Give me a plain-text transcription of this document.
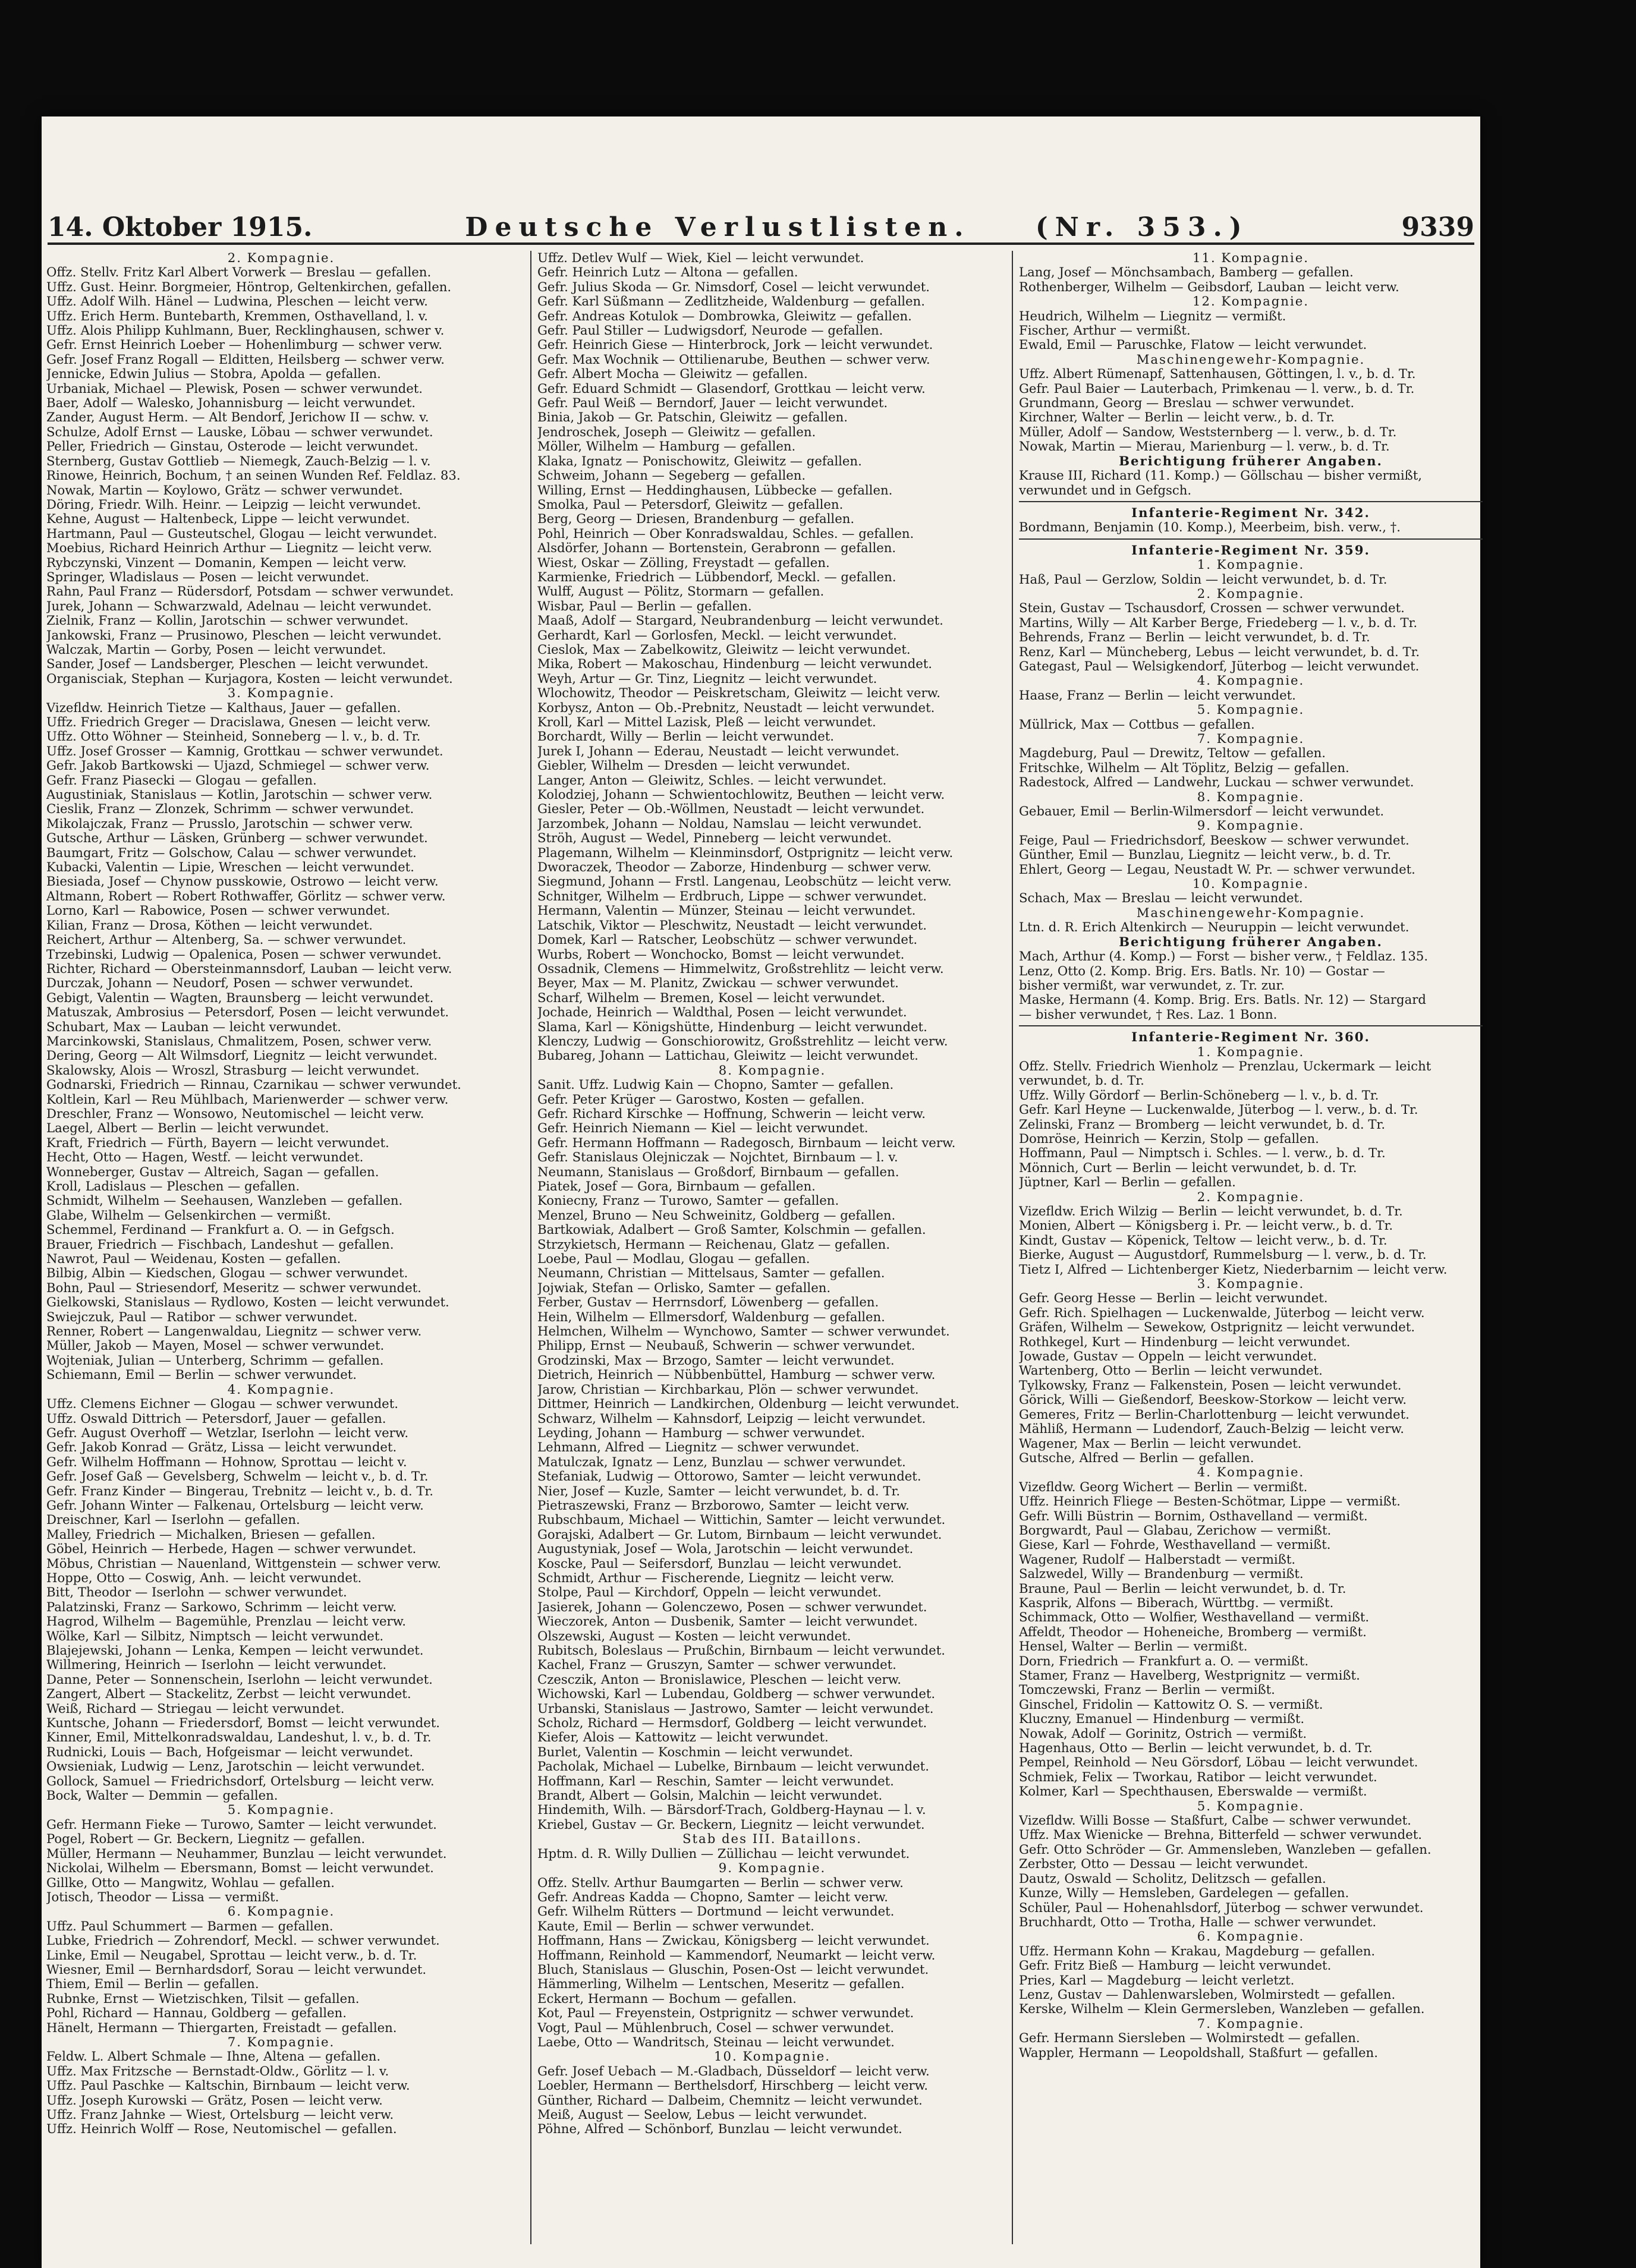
14. Oktober 1915.	Deutsche Verlustlisten. (Nr. 353.)	9339
2. Kompagnie.
Offz. Stellv. Fritz Karl Albert Vorwerk — Breslau — gefallen.
Uffz. Gust. Heinr. Borgmeier, Höntrop, Geltenkirchen, gefallen.
Uffz. Adolf Wilh. Hänel — Ludwina, Pleschen — leicht verw.
Uffz. Erich Herm. Buntebarth, Kremmen, Osthavelland, l. v.
Uffz. Alois Philipp Kuhlmann, Buer, Recklinghausen, schwer v.
Gefr. Ernst Heinrich Loeber — Hohenlimburg — schwer verw.
Gefr. Josef Franz Rogall — Elditten, Heilsberg — schwer verw.
Jennicke, Edwin Julius — Stobra, Apolda — gefallen.
Urbaniak, Michael — Plewisk, Posen — schwer verwundet.
Baer, Adolf — Walesko, Johannisburg — leicht verwundet.
Zander, August Herm. — Alt Bendorf, Jerichow II — schw. v.
Schulze, Adolf Ernst — Lauske, Löbau — schwer verwundet.
Peller, Friedrich — Ginstau, Osterode — leicht verwundet.
Sternberg, Gustav Gottlieb — Niemegk, Zauch-Belzig — l. v.
Rinowe, Heinrich, Bochum, † an seinen Wunden Ref. Feldlaz. 83.
Nowak, Martin — Koylowo, Grätz — schwer verwundet.
Döring, Friedr. Wilh. Heinr. — Leipzig — leicht verwundet.
Kehne, August — Haltenbeck, Lippe — leicht verwundet.
Hartmann, Paul — Gusteutschel, Glogau — leicht verwundet.
Moebius, Richard Heinrich Arthur — Liegnitz — leicht verw.
Rybczynski, Vinzent — Domanin, Kempen — leicht verw.
Springer, Wladislaus — Posen — leicht verwundet.
Rahn, Paul Franz — Rüdersdorf, Potsdam — schwer verwundet.
Jurek, Johann — Schwarzwald, Adelnau — leicht verwundet.
Zielnik, Franz — Kollin, Jarotschin — schwer verwundet.
Jankowski, Franz — Prusinowo, Pleschen — leicht verwundet.
Walczak, Martin — Gorby, Posen — leicht verwundet.
Sander, Josef — Landsberger, Pleschen — leicht verwundet.
Organisciak, Stephan — Kurjagora, Kosten — leicht verwundet.
3. Kompagnie.
Vizefldw. Heinrich Tietze — Kalthaus, Jauer — gefallen.
Uffz. Friedrich Greger — Dracislawa, Gnesen — leicht verw.
Uffz. Otto Wöhner — Steinheid, Sonneberg — l. v., b. d. Tr.
Uffz. Josef Grosser — Kamnig, Grottkau — schwer verwundet.
Gefr. Jakob Bartkowski — Ujazd, Schmiegel — schwer verw.
Gefr. Franz Piasecki — Glogau — gefallen.
Augustiniak, Stanislaus — Kotlin, Jarotschin — schwer verw.
Cieslik, Franz — Zlonzek, Schrimm — schwer verwundet.
Mikolajczak, Franz — Prusslo, Jarotschin — schwer verw.
Gutsche, Arthur — Läsken, Grünberg — schwer verwundet.
Baumgart, Fritz — Golschow, Calau — schwer verwundet.
Kubacki, Valentin — Lipie, Wreschen — leicht verwundet.
Biesiada, Josef — Chynow pusskowie, Ostrowo — leicht verw.
Altmann, Robert — Robert Rothwaffer, Görlitz — schwer verw.
Lorno, Karl — Rabowice, Posen — schwer verwundet.
Kilian, Franz — Drosa, Köthen — leicht verwundet.
Reichert, Arthur — Altenberg, Sa. — schwer verwundet.
Trzebinski, Ludwig — Opalenica, Posen — schwer verwundet.
Richter, Richard — Obersteinmannsdorf, Lauban — leicht verw.
Durczak, Johann — Neudorf, Posen — schwer verwundet.
Gebigt, Valentin — Wagten, Braunsberg — leicht verwundet.
Matuszak, Ambrosius — Petersdorf, Posen — leicht verwundet.
Schubart, Max — Lauban — leicht verwundet.
Marcinkowski, Stanislaus, Chmalitzem, Posen, schwer verw.
Dering, Georg — Alt Wilmsdorf, Liegnitz — leicht verwundet.
Skalowsky, Alois — Wroszl, Strasburg — leicht verwundet.
Godnarski, Friedrich — Rinnau, Czarnikau — schwer verwundet.
Koltlein, Karl — Reu Mühlbach, Marienwerder — schwer verw.
Dreschler, Franz — Wonsowo, Neutomischel — leicht verw.
Laegel, Albert — Berlin — leicht verwundet.
Kraft, Friedrich — Fürth, Bayern — leicht verwundet.
Hecht, Otto — Hagen, Westf. — leicht verwundet.
Wonneberger, Gustav — Altreich, Sagan — gefallen.
Kroll, Ladislaus — Pleschen — gefallen.
Schmidt, Wilhelm — Seehausen, Wanzleben — gefallen.
Glabe, Wilhelm — Gelsenkirchen — vermißt.
Schemmel, Ferdinand — Frankfurt a. O. — in Gefgsch.
Brauer, Friedrich — Fischbach, Landeshut — gefallen.
Nawrot, Paul — Weidenau, Kosten — gefallen.
Bilbig, Albin — Kiedschen, Glogau — schwer verwundet.
Bohn, Paul — Striesendorf, Meseritz — schwer verwundet.
Gielkowski, Stanislaus — Rydlowo, Kosten — leicht verwundet.
Swiejczuk, Paul — Ratibor — schwer verwundet.
Renner, Robert — Langenwaldau, Liegnitz — schwer verw.
Müller, Jakob — Mayen, Mosel — schwer verwundet.
Wojteniak, Julian — Unterberg, Schrimm — gefallen.
Schiemann, Emil — Berlin — schwer verwundet.
4. Kompagnie.
Uffz. Clemens Eichner — Glogau — schwer verwundet.
Uffz. Oswald Dittrich — Petersdorf, Jauer — gefallen.
Gefr. August Overhoff — Wetzlar, Iserlohn — leicht verw.
Gefr. Jakob Konrad — Grätz, Lissa — leicht verwundet.
Gefr. Wilhelm Hoffmann — Hohnow, Sprottau — leicht v.
Gefr. Josef Gaß — Gevelsberg, Schwelm — leicht v., b. d. Tr.
Gefr. Franz Kinder — Bingerau, Trebnitz — leicht v., b. d. Tr.
Gefr. Johann Winter — Falkenau, Ortelsburg — leicht verw.
Dreischner, Karl — Iserlohn — gefallen.
Malley, Friedrich — Michalken, Briesen — gefallen.
Göbel, Heinrich — Herbede, Hagen — schwer verwundet.
Möbus, Christian — Nauenland, Wittgenstein — schwer verw.
Hoppe, Otto — Coswig, Anh. — leicht verwundet.
Bitt, Theodor — Iserlohn — schwer verwundet.
Palatzinski, Franz — Sarkowo, Schrimm — leicht verw.
Hagrod, Wilhelm — Bagemühle, Prenzlau — leicht verw.
Wölke, Karl — Silbitz, Nimptsch — leicht verwundet.
Blajejewski, Johann — Lenka, Kempen — leicht verwundet.
Willmering, Heinrich — Iserlohn — leicht verwundet.
Danne, Peter — Sonnenschein, Iserlohn — leicht verwundet.
Zangert, Albert — Stackelitz, Zerbst — leicht verwundet.
Weiß, Richard — Striegau — leicht verwundet.
Kuntsche, Johann — Friedersdorf, Bomst — leicht verwundet.
Kinner, Emil, Mittelkonradswaldau, Landeshut, l. v., b. d. Tr.
Rudnicki, Louis — Bach, Hofgeismar — leicht verwundet.
Owsieniak, Ludwig — Lenz, Jarotschin — leicht verwundet.
Gollock, Samuel — Friedrichsdorf, Ortelsburg — leicht verw.
Bock, Walter — Demmin — gefallen.
5. Kompagnie.
Gefr. Hermann Fieke — Turowo, Samter — leicht verwundet.
Pogel, Robert — Gr. Beckern, Liegnitz — gefallen.
Müller, Hermann — Neuhammer, Bunzlau — leicht verwundet.
Nickolai, Wilhelm — Ebersmann, Bomst — leicht verwundet.
Gillke, Otto — Mangwitz, Wohlau — gefallen.
Jotisch, Theodor — Lissa — vermißt.
6. Kompagnie.
Uffz. Paul Schummert — Barmen — gefallen.
Lubke, Friedrich — Zohrendorf, Meckl. — schwer verwundet.
Linke, Emil — Neugabel, Sprottau — leicht verw., b. d. Tr.
Wiesner, Emil — Bernhardsdorf, Sorau — leicht verwundet.
Thiem, Emil — Berlin — gefallen.
Rubnke, Ernst — Wietzischken, Tilsit — gefallen.
Pohl, Richard — Hannau, Goldberg — gefallen.
Hänelt, Hermann — Thiergarten, Freistadt — gefallen.
7. Kompagnie.
Feldw. L. Albert Schmale — Ihne, Altena — gefallen.
Uffz. Max Fritzsche — Bernstadt-Oldw., Görlitz — l. v.
Uffz. Paul Paschke — Kaltschin, Birnbaum — leicht verw.
Uffz. Joseph Kurowski — Grätz, Posen — leicht verw.
Uffz. Franz Jahnke — Wiest, Ortelsburg — leicht verw.
Uffz. Heinrich Wolff — Rose, Neutomischel — gefallen.
Uffz. Detlev Wulf — Wiek, Kiel — leicht verwundet.
Gefr. Heinrich Lutz — Altona — gefallen.
Gefr. Julius Skoda — Gr. Nimsdorf, Cosel — leicht verwundet.
Gefr. Karl Süßmann — Zedlitzheide, Waldenburg — gefallen.
Gefr. Andreas Kotulok — Dombrowka, Gleiwitz — gefallen.
Gefr. Paul Stiller — Ludwigsdorf, Neurode — gefallen.
Gefr. Heinrich Giese — Hinterbrock, Jork — leicht verwundet.
Gefr. Max Wochnik — Ottilienarube, Beuthen — schwer verw.
Gefr. Albert Mocha — Gleiwitz — gefallen.
Gefr. Eduard Schmidt — Glasendorf, Grottkau — leicht verw.
Gefr. Paul Weiß — Berndorf, Jauer — leicht verwundet.
Binia, Jakob — Gr. Patschin, Gleiwitz — gefallen.
Jendroschek, Joseph — Gleiwitz — gefallen.
Möller, Wilhelm — Hamburg — gefallen.
Klaka, Ignatz — Ponischowitz, Gleiwitz — gefallen.
Schweim, Johann — Segeberg — gefallen.
Willing, Ernst — Heddinghausen, Lübbecke — gefallen.
Smolka, Paul — Petersdorf, Gleiwitz — gefallen.
Berg, Georg — Driesen, Brandenburg — gefallen.
Pohl, Heinrich — Ober Konradswaldau, Schles. — gefallen.
Alsdörfer, Johann — Bortenstein, Gerabronn — gefallen.
Wiest, Oskar — Zölling, Freystadt — gefallen.
Karmienke, Friedrich — Lübbendorf, Meckl. — gefallen.
Wulff, August — Pölitz, Stormarn — gefallen.
Wisbar, Paul — Berlin — gefallen.
Maaß, Adolf — Stargard, Neubrandenburg — leicht verwundet.
Gerhardt, Karl — Gorlosfen, Meckl. — leicht verwundet.
Cieslok, Max — Zabelkowitz, Gleiwitz — leicht verwundet.
Mika, Robert — Makoschau, Hindenburg — leicht verwundet.
Weyh, Artur — Gr. Tinz, Liegnitz — leicht verwundet.
Wlochowitz, Theodor — Peiskretscham, Gleiwitz — leicht verw.
Korbysz, Anton — Ob.-Prebnitz, Neustadt — leicht verwundet.
Kroll, Karl — Mittel Lazisk, Pleß — leicht verwundet.
Borchardt, Willy — Berlin — leicht verwundet.
Jurek I, Johann — Ederau, Neustadt — leicht verwundet.
Giebler, Wilhelm — Dresden — leicht verwundet.
Langer, Anton — Gleiwitz, Schles. — leicht verwundet.
Kolodziej, Johann — Schwientochlowitz, Beuthen — leicht verw.
Giesler, Peter — Ob.-Wöllmen, Neustadt — leicht verwundet.
Jarzombek, Johann — Noldau, Namslau — leicht verwundet.
Ströh, August — Wedel, Pinneberg — leicht verwundet.
Plagemann, Wilhelm — Kleinminsdorf, Ostprignitz — leicht verw.
Dworaczek, Theodor — Zaborze, Hindenburg — schwer verw.
Siegmund, Johann — Frstl. Langenau, Leobschütz — leicht verw.
Schnitger, Wilhelm — Erdbruch, Lippe — schwer verwundet.
Hermann, Valentin — Münzer, Steinau — leicht verwundet.
Latschik, Viktor — Pleschwitz, Neustadt — leicht verwundet.
Domek, Karl — Ratscher, Leobschütz — schwer verwundet.
Wurbs, Robert — Wonchocko, Bomst — leicht verwundet.
Ossadnik, Clemens — Himmelwitz, Großstrehlitz — leicht verw.
Beyer, Max — M. Planitz, Zwickau — schwer verwundet.
Scharf, Wilhelm — Bremen, Kosel — leicht verwundet.
Jochade, Heinrich — Waldthal, Posen — leicht verwundet.
Slama, Karl — Königshütte, Hindenburg — leicht verwundet.
Klenczy, Ludwig — Gonschiorowitz, Großstrehlitz — leicht verw.
Bubareg, Johann — Lattichau, Gleiwitz — leicht verwundet.
8. Kompagnie.
Sanit. Uffz. Ludwig Kain — Chopno, Samter — gefallen.
Gefr. Peter Krüger — Garostwo, Kosten — gefallen.
Gefr. Richard Kirschke — Hoffnung, Schwerin — leicht verw.
Gefr. Heinrich Niemann — Kiel — leicht verwundet.
Gefr. Hermann Hoffmann — Radegosch, Birnbaum — leicht verw.
Gefr. Stanislaus Olejniczak — Nojchtet, Birnbaum — l. v.
Neumann, Stanislaus — Großdorf, Birnbaum — gefallen.
Piatek, Josef — Gora, Birnbaum — gefallen.
Koniecny, Franz — Turowo, Samter — gefallen.
Menzel, Bruno — Neu Schweinitz, Goldberg — gefallen.
Bartkowiak, Adalbert — Groß Samter, Kolschmin — gefallen.
Strzykietsch, Hermann — Reichenau, Glatz — gefallen.
Loebe, Paul — Modlau, Glogau — gefallen.
Neumann, Christian — Mittelsaus, Samter — gefallen.
Jojwiak, Stefan — Orlisko, Samter — gefallen.
Ferber, Gustav — Herrnsdorf, Löwenberg — gefallen.
Hein, Wilhelm — Ellmersdorf, Waldenburg — gefallen.
Helmchen, Wilhelm — Wynchowo, Samter — schwer verwundet.
Philipp, Ernst — Neubauß, Schwerin — schwer verwundet.
Grodzinski, Max — Brzogo, Samter — leicht verwundet.
Dietrich, Heinrich — Nübbenbüttel, Hamburg — schwer verw.
Jarow, Christian — Kirchbarkau, Plön — schwer verwundet.
Dittmer, Heinrich — Landkirchen, Oldenburg — leicht verwundet.
Schwarz, Wilhelm — Kahnsdorf, Leipzig — leicht verwundet.
Leyding, Johann — Hamburg — schwer verwundet.
Lehmann, Alfred — Liegnitz — schwer verwundet.
Matulczak, Ignatz — Lenz, Bunzlau — schwer verwundet.
Stefaniak, Ludwig — Ottorowo, Samter — leicht verwundet.
Nier, Josef — Kuzle, Samter — leicht verwundet, b. d. Tr.
Pietraszewski, Franz — Brzborowo, Samter — leicht verw.
Rubschbaum, Michael — Wittichin, Samter — leicht verwundet.
Gorajski, Adalbert — Gr. Lutom, Birnbaum — leicht verwundet.
Augustyniak, Josef — Wola, Jarotschin — leicht verwundet.
Koscke, Paul — Seifersdorf, Bunzlau — leicht verwundet.
Schmidt, Arthur — Fischerende, Liegnitz — leicht verw.
Stolpe, Paul — Kirchdorf, Oppeln — leicht verwundet.
Jasierek, Johann — Golenczewo, Posen — schwer verwundet.
Wieczorek, Anton — Dusbenik, Samter — leicht verwundet.
Olszewski, August — Kosten — leicht verwundet.
Rubitsch, Boleslaus — Prußchin, Birnbaum — leicht verwundet.
Kachel, Franz — Gruszyn, Samter — schwer verwundet.
Czesczik, Anton — Bronislawice, Pleschen — leicht verw.
Wichowski, Karl — Lubendau, Goldberg — schwer verwundet.
Urbanski, Stanislaus — Jastrowo, Samter — leicht verwundet.
Scholz, Richard — Hermsdorf, Goldberg — leicht verwundet.
Kiefer, Alois — Kattowitz — leicht verwundet.
Burlet, Valentin — Koschmin — leicht verwundet.
Pacholak, Michael — Lubelke, Birnbaum — leicht verwundet.
Hoffmann, Karl — Reschin, Samter — leicht verwundet.
Brandt, Albert — Golsin, Malchin — leicht verwundet.
Hindemith, Wilh. — Bärsdorf-Trach, Goldberg-Haynau — l. v.
Kriebel, Gustav — Gr. Beckern, Liegnitz — leicht verwundet.
Stab des III. Bataillons.
Hptm. d. R. Willy Dullien — Züllichau — leicht verwundet.
9. Kompagnie.
Offz. Stellv. Arthur Baumgarten — Berlin — schwer verw.
Gefr. Andreas Kadda — Chopno, Samter — leicht verw.
Gefr. Wilhelm Rütters — Dortmund — leicht verwundet.
Kaute, Emil — Berlin — schwer verwundet.
Hoffmann, Hans — Zwickau, Königsberg — leicht verwundet.
Hoffmann, Reinhold — Kammendorf, Neumarkt — leicht verw.
Bluch, Stanislaus — Gluschin, Posen-Ost — leicht verwundet.
Hämmerling, Wilhelm — Lentschen, Meseritz — gefallen.
Eckert, Hermann — Bochum — gefallen.
Kot, Paul — Freyenstein, Ostprignitz — schwer verwundet.
Vogt, Paul — Mühlenbruch, Cosel — schwer verwundet.
Laebe, Otto — Wandritsch, Steinau — leicht verwundet.
10. Kompagnie.
Gefr. Josef Uebach — M.-Gladbach, Düsseldorf — leicht verw.
Loebler, Hermann — Berthelsdorf, Hirschberg — leicht verw.
Günther, Richard — Dalbeim, Chemnitz — leicht verwundet.
Meiß, August — Seelow, Lebus — leicht verwundet.
Pöhne, Alfred — Schönborf, Bunzlau — leicht verwundet.
11. Kompagnie.
Lang, Josef — Mönchsambach, Bamberg — gefallen.
Rothenberger, Wilhelm — Geibsdorf, Lauban — leicht verw.
12. Kompagnie.
Heudrich, Wilhelm — Liegnitz — vermißt.
Fischer, Arthur — vermißt.
Ewald, Emil — Paruschke, Flatow — leicht verwundet.
Maschinengewehr-Kompagnie.
Uffz. Albert Rümenapf, Sattenhausen, Göttingen, l. v., b. d. Tr.
Gefr. Paul Baier — Lauterbach, Primkenau — l. verw., b. d. Tr.
Grundmann, Georg — Breslau — schwer verwundet.
Kirchner, Walter — Berlin — leicht verw., b. d. Tr.
Müller, Adolf — Sandow, Weststernberg — l. verw., b. d. Tr.
Nowak, Martin — Mierau, Marienburg — l. verw., b. d. Tr.
Berichtigung früherer Angaben.
Krause III, Richard (11. Komp.) — Göllschau — bisher vermißt,
verwundet und in Gefgsch.
Infanterie-Regiment Nr. 342.
Bordmann, Benjamin (10. Komp.), Meerbeim, bish. verw., †.
Infanterie-Regiment Nr. 359.
1. Kompagnie.
Haß, Paul — Gerzlow, Soldin — leicht verwundet, b. d. Tr.
2. Kompagnie.
Stein, Gustav — Tschausdorf, Crossen — schwer verwundet.
Martins, Willy — Alt Karber Berge, Friedeberg — l. v., b. d. Tr.
Behrends, Franz — Berlin — leicht verwundet, b. d. Tr.
Renz, Karl — Müncheberg, Lebus — leicht verwundet, b. d. Tr.
Gategast, Paul — Welsigkendorf, Jüterbog — leicht verwundet.
4. Kompagnie.
Haase, Franz — Berlin — leicht verwundet.
5. Kompagnie.
Müllrick, Max — Cottbus — gefallen.
7. Kompagnie.
Magdeburg, Paul — Drewitz, Teltow — gefallen.
Fritschke, Wilhelm — Alt Töplitz, Belzig — gefallen.
Radestock, Alfred — Landwehr, Luckau — schwer verwundet.
8. Kompagnie.
Gebauer, Emil — Berlin-Wilmersdorf — leicht verwundet.
9. Kompagnie.
Feige, Paul — Friedrichsdorf, Beeskow — schwer verwundet.
Günther, Emil — Bunzlau, Liegnitz — leicht verw., b. d. Tr.
Ehlert, Georg — Legau, Neustadt W. Pr. — schwer verwundet.
10. Kompagnie.
Schach, Max — Breslau — leicht verwundet.
Maschinengewehr-Kompagnie.
Ltn. d. R. Erich Altenkirch — Neuruppin — leicht verwundet.
Berichtigung früherer Angaben.
Mach, Arthur (4. Komp.) — Forst — bisher verw., † Feldlaz. 135.
Lenz, Otto (2. Komp. Brig. Ers. Batls. Nr. 10) — Gostar —
bisher vermißt, war verwundet, z. Tr. zur.
Maske, Hermann (4. Komp. Brig. Ers. Batls. Nr. 12) — Stargard
— bisher verwundet, † Res. Laz. 1 Bonn.
Infanterie-Regiment Nr. 360.
1. Kompagnie.
Offz. Stellv. Friedrich Wienholz — Prenzlau, Uckermark — leicht
verwundet, b. d. Tr.
Uffz. Willy Gördorf — Berlin-Schöneberg — l. v., b. d. Tr.
Gefr. Karl Heyne — Luckenwalde, Jüterbog — l. verw., b. d. Tr.
Zelinski, Franz — Bromberg — leicht verwundet, b. d. Tr.
Domröse, Heinrich — Kerzin, Stolp — gefallen.
Hoffmann, Paul — Nimptsch i. Schles. — l. verw., b. d. Tr.
Mönnich, Curt — Berlin — leicht verwundet, b. d. Tr.
Jüptner, Karl — Berlin — gefallen.
2. Kompagnie.
Vizefldw. Erich Wilzig — Berlin — leicht verwundet, b. d. Tr.
Monien, Albert — Königsberg i. Pr. — leicht verw., b. d. Tr.
Kindt, Gustav — Köpenick, Teltow — leicht verw., b. d. Tr.
Bierke, August — Augustdorf, Rummelsburg — l. verw., b. d. Tr.
Tietz I, Alfred — Lichtenberger Kietz, Niederbarnim — leicht verw.
3. Kompagnie.
Gefr. Georg Hesse — Berlin — leicht verwundet.
Gefr. Rich. Spielhagen — Luckenwalde, Jüterbog — leicht verw.
Gräfen, Wilhelm — Sewekow, Ostprignitz — leicht verwundet.
Rothkegel, Kurt — Hindenburg — leicht verwundet.
Jowade, Gustav — Oppeln — leicht verwundet.
Wartenberg, Otto — Berlin — leicht verwundet.
Tylkowsky, Franz — Falkenstein, Posen — leicht verwundet.
Görick, Willi — Gießendorf, Beeskow-Storkow — leicht verw.
Gemeres, Fritz — Berlin-Charlottenburg — leicht verwundet.
Mähliß, Hermann — Ludendorf, Zauch-Belzig — leicht verw.
Wagener, Max — Berlin — leicht verwundet.
Gutsche, Alfred — Berlin — gefallen.
4. Kompagnie.
Vizefldw. Georg Wichert — Berlin — vermißt.
Uffz. Heinrich Fliege — Besten-Schötmar, Lippe — vermißt.
Gefr. Willi Büstrin — Bornim, Osthavelland — vermißt.
Borgwardt, Paul — Glabau, Zerichow — vermißt.
Giese, Karl — Fohrde, Westhavelland — vermißt.
Wagener, Rudolf — Halberstadt — vermißt.
Salzwedel, Willy — Brandenburg — vermißt.
Braune, Paul — Berlin — leicht verwundet, b. d. Tr.
Kasprik, Alfons — Biberach, Württbg. — vermißt.
Schimmack, Otto — Wolfier, Westhavelland — vermißt.
Affeldt, Theodor — Hoheneiche, Bromberg — vermißt.
Hensel, Walter — Berlin — vermißt.
Dorn, Friedrich — Frankfurt a. O. — vermißt.
Stamer, Franz — Havelberg, Westprignitz — vermißt.
Tomczewski, Franz — Berlin — vermißt.
Ginschel, Fridolin — Kattowitz O. S. — vermißt.
Kluczny, Emanuel — Hindenburg — vermißt.
Nowak, Adolf — Gorinitz, Ostrich — vermißt.
Hagenhaus, Otto — Berlin — leicht verwundet, b. d. Tr.
Pempel, Reinhold — Neu Görsdorf, Löbau — leicht verwundet.
Schmiek, Felix — Tworkau, Ratibor — leicht verwundet.
Kolmer, Karl — Spechthausen, Eberswalde — vermißt.
5. Kompagnie.
Vizefldw. Willi Bosse — Staßfurt, Calbe — schwer verwundet.
Uffz. Max Wienicke — Brehna, Bitterfeld — schwer verwundet.
Gefr. Otto Schröder — Gr. Ammensleben, Wanzleben — gefallen.
Zerbster, Otto — Dessau — leicht verwundet.
Dautz, Oswald — Scholitz, Delitzsch — gefallen.
Kunze, Willy — Hemsleben, Gardelegen — gefallen.
Schüler, Paul — Hohenahlsdorf, Jüterbog — schwer verwundet.
Bruchhardt, Otto — Trotha, Halle — schwer verwundet.
6. Kompagnie.
Uffz. Hermann Kohn — Krakau, Magdeburg — gefallen.
Gefr. Fritz Bieß — Hamburg — leicht verwundet.
Pries, Karl — Magdeburg — leicht verletzt.
Lenz, Gustav — Dahlenwarsleben, Wolmirstedt — gefallen.
Kerske, Wilhelm — Klein Germersleben, Wanzleben — gefallen.
7. Kompagnie.
Gefr. Hermann Siersleben — Wolmirstedt — gefallen.
Wappler, Hermann — Leopoldshall, Staßfurt — gefallen.
